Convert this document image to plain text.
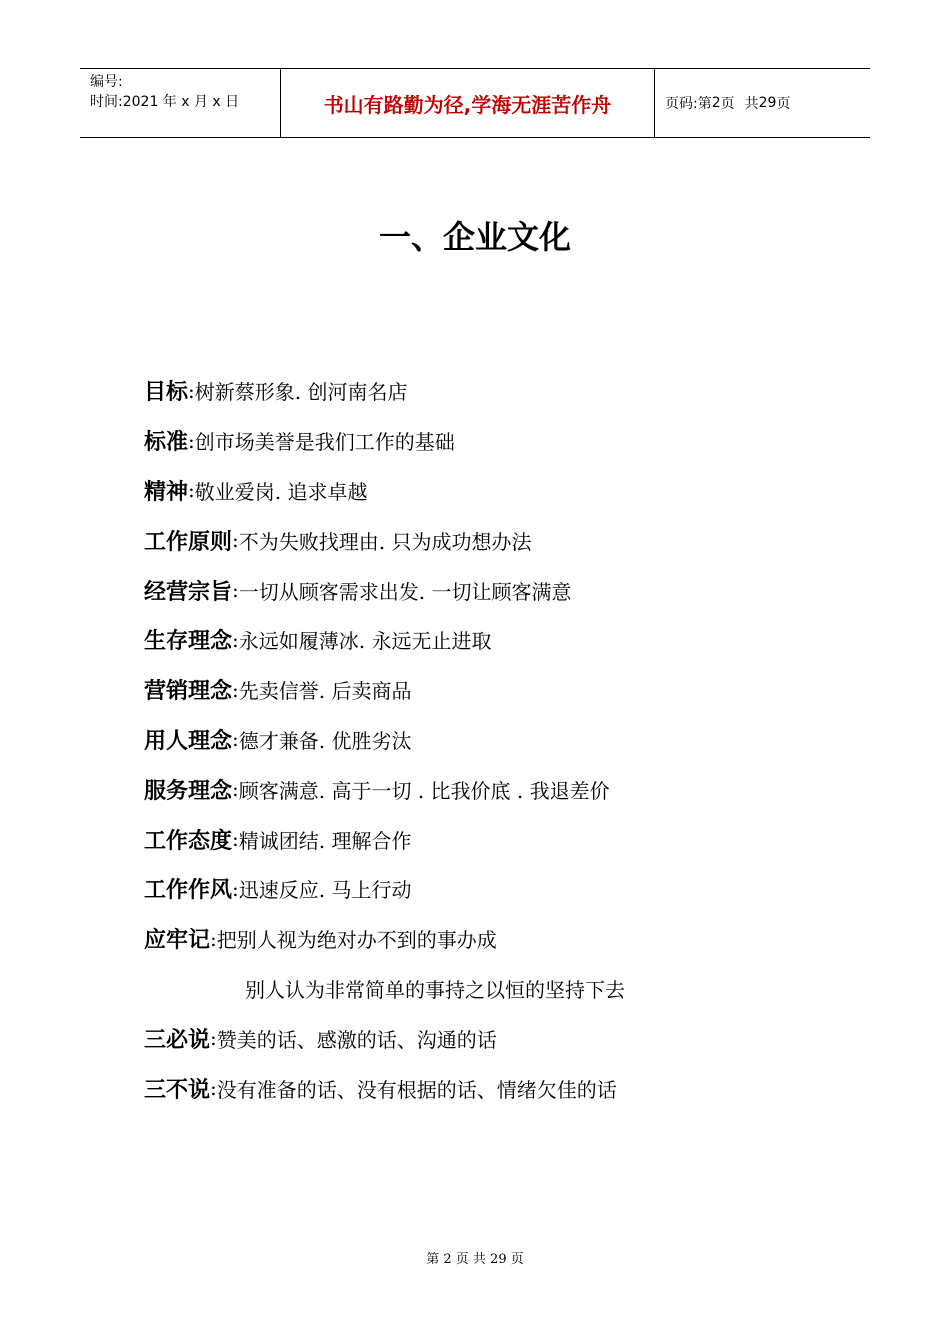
编号:
时间:2021 年 x 月 x 日	书山有路勤为径,学海无涯苦作舟	页码:第 2 页 共 29 页
一、企业文化
目标 : 树新蔡形象. 创河南名店
标准 : 创市场美誉是我们工作的基础
精神 : 敬业爱岗. 追求卓越
工作原则 : 不为失败找理由. 只为成功想办法
经营宗旨 : 一切从顾客需求出发. 一切让顾客满意
生存理念 : 永远如履薄冰. 永远无止进取
营销理念 : 先卖信誉. 后卖商品
用人理念 : 德才兼备. 优胜劣汰
服务理念 : 顾客满意. 高于一切 . 比我价底 . 我退差价
工作态度 : 精诚团结. 理解合作
工作作风 : 迅速反应. 马上行动
应牢记 : 把别人视为绝对办不到的事办成
别人认为非常简单的事持之以恒的坚持下去
三必说 : 赞美的话、感激的话、沟通的话
三不说 : 没有准备的话、没有根据的话、情绪欠佳的话
第 2 页 共 29 页
